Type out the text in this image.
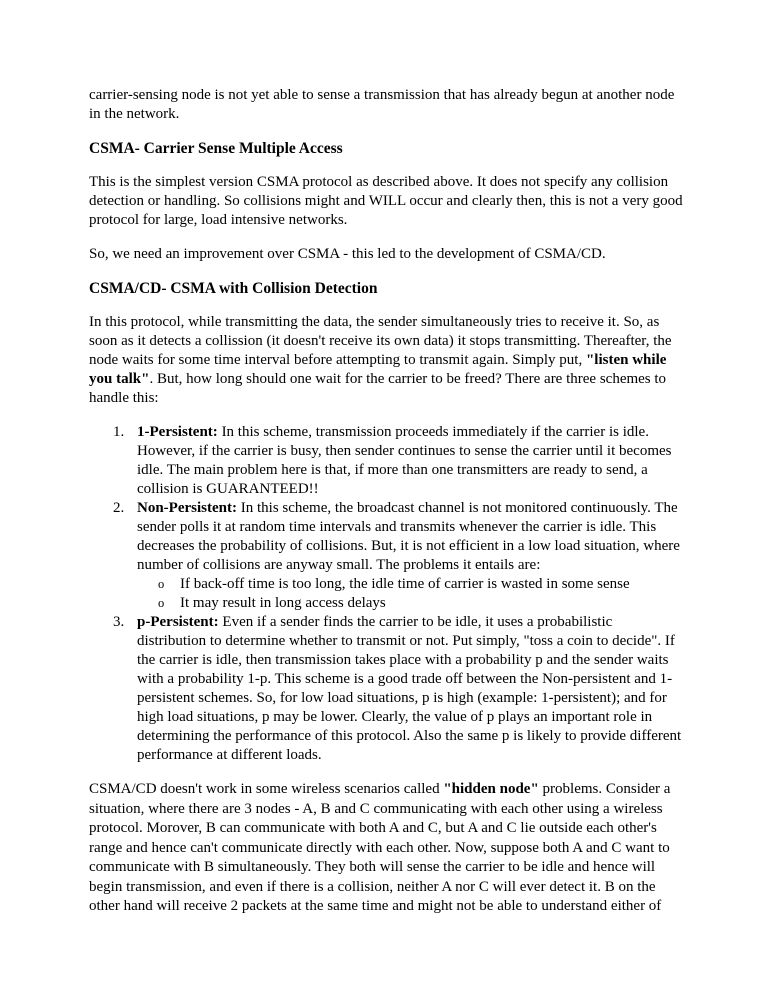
carrier-sensing node is not yet able to sense a transmission that has already begun at another node in the network.

CSMA- Carrier Sense Multiple Access

This is the simplest version CSMA protocol as described above. It does not specify any collision detection or handling. So collisions might and WILL occur and clearly then, this is not a very good protocol for large, load intensive networks.

So, we need an improvement over CSMA - this led to the development of CSMA/CD.

CSMA/CD- CSMA with Collision Detection

In this protocol, while transmitting the data, the sender simultaneously tries to receive it. So, as soon as it detects a collission (it doesn't receive its own data) it stops transmitting. Thereafter, the node waits for some time interval before attempting to transmit again. Simply put, "listen while you talk". But, how long should one wait for the carrier to be freed? There are three schemes to handle this:

1. 1-Persistent: In this scheme, transmission proceeds immediately if the carrier is idle. However, if the carrier is busy, then sender continues to sense the carrier until it becomes idle. The main problem here is that, if more than one transmitters are ready to send, a collision is GUARANTEED!!
2. Non-Persistent: In this scheme, the broadcast channel is not monitored continuously. The sender polls it at random time intervals and transmits whenever the carrier is idle. This decreases the probability of collisions. But, it is not efficient in a low load situation, where number of collisions are anyway small. The problems it entails are:
o If back-off time is too long, the idle time of carrier is wasted in some sense
o It may result in long access delays
3. p-Persistent: Even if a sender finds the carrier to be idle, it uses a probabilistic distribution to determine whether to transmit or not. Put simply, "toss a coin to decide". If the carrier is idle, then transmission takes place with a probability p and the sender waits with a probability 1-p. This scheme is a good trade off between the Non-persistent and 1-persistent schemes. So, for low load situations, p is high (example: 1-persistent); and for high load situations, p may be lower. Clearly, the value of p plays an important role in determining the performance of this protocol. Also the same p is likely to provide different performance at different loads.

CSMA/CD doesn't work in some wireless scenarios called "hidden node" problems. Consider a situation, where there are 3 nodes - A, B and C communicating with each other using a wireless protocol. Morover, B can communicate with both A and C, but A and C lie outside each other's range and hence can't communicate directly with each other. Now, suppose both A and C want to communicate with B simultaneously. They both will sense the carrier to be idle and hence will begin transmission, and even if there is a collision, neither A nor C will ever detect it. B on the other hand will receive 2 packets at the same time and might not be able to understand either of
